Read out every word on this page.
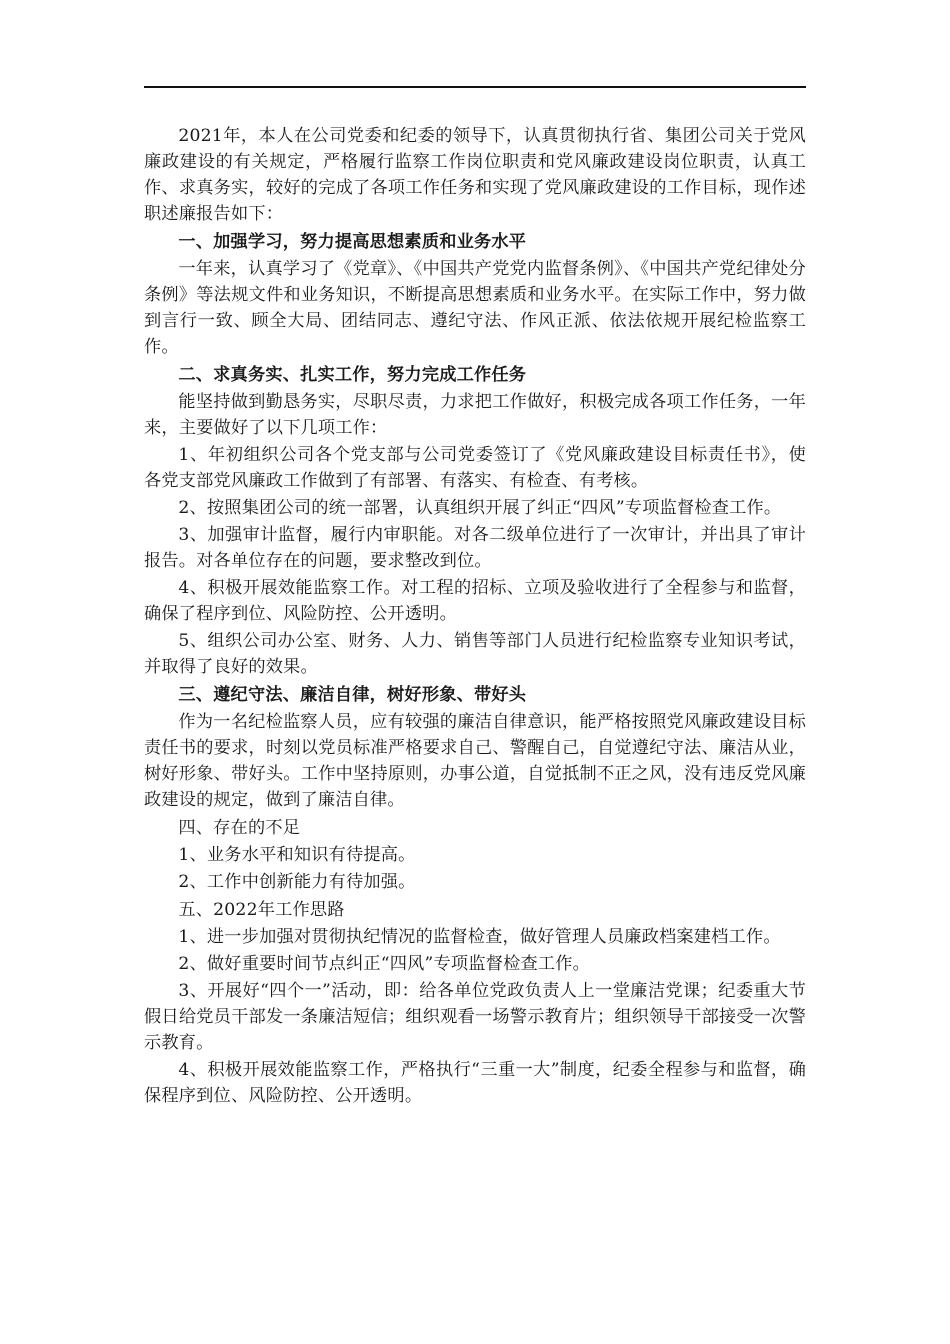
2021年，本人在公司党委和纪委的领导下，认真贯彻执行省、集团公司关于党风廉政建设的有关规定，严格履行监察工作岗位职责和党风廉政建设岗位职责，认真工作、求真务实，较好的完成了各项工作任务和实现了党风廉政建设的工作目标，现作述职述廉报告如下：

一、加强学习，努力提高思想素质和业务水平

一年来，认真学习了《党章》、《中国共产党党内监督条例》、《中国共产党纪律处分条例》等法规文件和业务知识，不断提高思想素质和业务水平。在实际工作中，努力做到言行一致、顾全大局、团结同志、遵纪守法、作风正派、依法依规开展纪检监察工作。

二、求真务实、扎实工作，努力完成工作任务

能坚持做到勤恳务实，尽职尽责，力求把工作做好，积极完成各项工作任务，一年来，主要做好了以下几项工作：

1、年初组织公司各个党支部与公司党委签订了《党风廉政建设目标责任书》，使各党支部党风廉政工作做到了有部署、有落实、有检查、有考核。

2、按照集团公司的统一部署，认真组织开展了纠正“四风”专项监督检查工作。

3、加强审计监督，履行内审职能。对各二级单位进行了一次审计，并出具了审计报告。对各单位存在的问题，要求整改到位。

4、积极开展效能监察工作。对工程的招标、立项及验收进行了全程参与和监督，确保了程序到位、风险防控、公开透明。

5、组织公司办公室、财务、人力、销售等部门人员进行纪检监察专业知识考试，并取得了良好的效果。

三、遵纪守法、廉洁自律，树好形象、带好头

作为一名纪检监察人员，应有较强的廉洁自律意识，能严格按照党风廉政建设目标责任书的要求，时刻以党员标准严格要求自己、警醒自己，自觉遵纪守法、廉洁从业，树好形象、带好头。工作中坚持原则，办事公道，自觉抵制不正之风，没有违反党风廉政建设的规定，做到了廉洁自律。

四、存在的不足

1、业务水平和知识有待提高。

2、工作中创新能力有待加强。

五、2022年工作思路

1、进一步加强对贯彻执纪情况的监督检查，做好管理人员廉政档案建档工作。

2、做好重要时间节点纠正“四风”专项监督检查工作。

3、开展好“四个一”活动，即：给各单位党政负责人上一堂廉洁党课；纪委重大节假日给党员干部发一条廉洁短信；组织观看一场警示教育片；组织领导干部接受一次警示教育。

4、积极开展效能监察工作，严格执行“三重一大”制度，纪委全程参与和监督，确保程序到位、风险防控、公开透明。
